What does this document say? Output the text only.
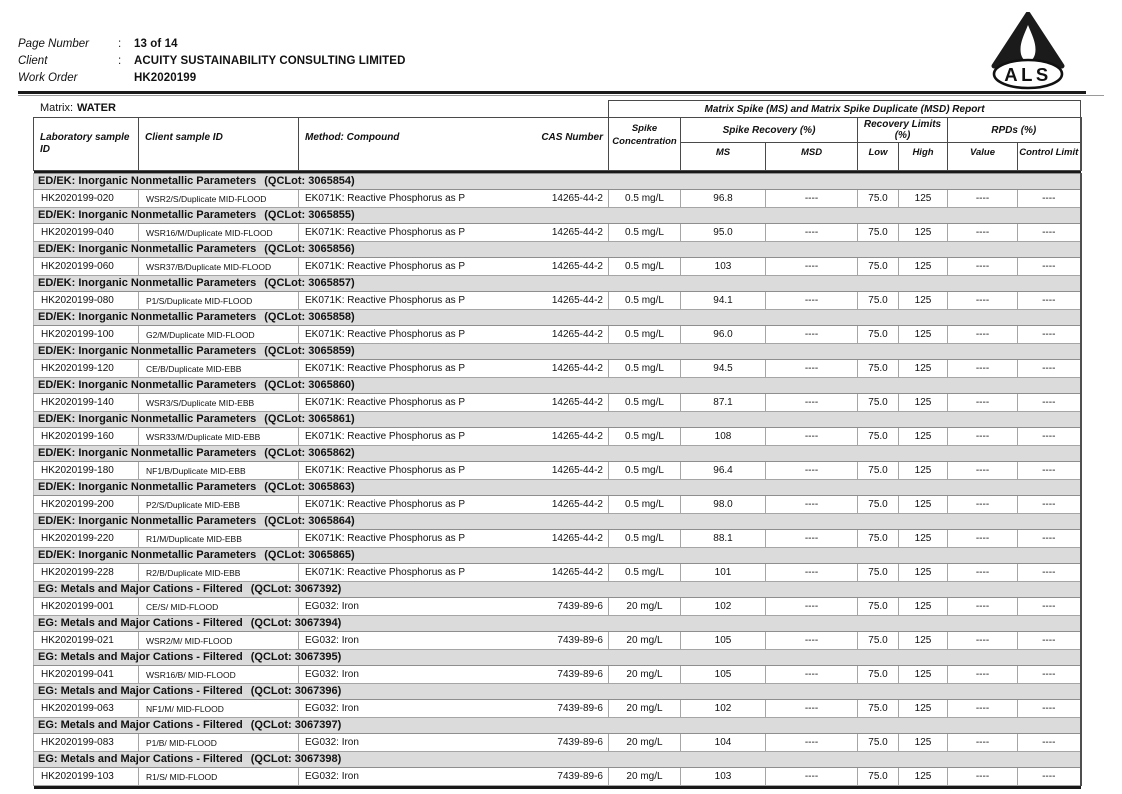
Page Number	:	13 of 14
Client	:	ACUITY SUSTAINABILITY CONSULTING LIMITED
Work Order	HK2020199	ALS
Matrix: WATER
				Matrix Spike (MS) and Matrix Spike Duplicate (MSD) Report						
Laboratory sample ID	Client sample ID	Method: Compound	CAS Number	Spike Concentration	Spike Recovery (%)		Recovery Limits (%)		RPDs (%)	
					MS	MSD	Low	High	Value	Control Limit

ED/EK: Inorganic Nonmetallic Parameters (QCLot: 3065854)										
HK2020199-020	WSR2/S/Duplicate MID-FLOOD	EK071K: Reactive Phosphorus as P	14265-44-2	0.5 mg/L	96.8	----	75.0	125	----	----
ED/EK: Inorganic Nonmetallic Parameters (QCLot: 3065855)										
HK2020199-040	WSR16/M/Duplicate MID-FLOOD	EK071K: Reactive Phosphorus as P	14265-44-2	0.5 mg/L	95.0	----	75.0	125	----	----
ED/EK: Inorganic Nonmetallic Parameters (QCLot: 3065856)										
HK2020199-060	WSR37/B/Duplicate MID-FLOOD	EK071K: Reactive Phosphorus as P	14265-44-2	0.5 mg/L	103	----	75.0	125	----	----
ED/EK: Inorganic Nonmetallic Parameters (QCLot: 3065857)										
HK2020199-080	P1/S/Duplicate MID-FLOOD	EK071K: Reactive Phosphorus as P	14265-44-2	0.5 mg/L	94.1	----	75.0	125	----	----
ED/EK: Inorganic Nonmetallic Parameters (QCLot: 3065858)										
HK2020199-100	G2/M/Duplicate MID-FLOOD	EK071K: Reactive Phosphorus as P	14265-44-2	0.5 mg/L	96.0	----	75.0	125	----	----
ED/EK: Inorganic Nonmetallic Parameters (QCLot: 3065859)										
HK2020199-120	CE/B/Duplicate MID-EBB	EK071K: Reactive Phosphorus as P	14265-44-2	0.5 mg/L	94.5	----	75.0	125	----	----
ED/EK: Inorganic Nonmetallic Parameters (QCLot: 3065860)										
HK2020199-140	WSR3/S/Duplicate MID-EBB	EK071K: Reactive Phosphorus as P	14265-44-2	0.5 mg/L	87.1	----	75.0	125	----	----
ED/EK: Inorganic Nonmetallic Parameters (QCLot: 3065861)										
HK2020199-160	WSR33/M/Duplicate MID-EBB	EK071K: Reactive Phosphorus as P	14265-44-2	0.5 mg/L	108	----	75.0	125	----	----
ED/EK: Inorganic Nonmetallic Parameters (QCLot: 3065862)										
HK2020199-180	NF1/B/Duplicate MID-EBB	EK071K: Reactive Phosphorus as P	14265-44-2	0.5 mg/L	96.4	----	75.0	125	----	----
ED/EK: Inorganic Nonmetallic Parameters (QCLot: 3065863)										
HK2020199-200	P2/S/Duplicate MID-EBB	EK071K: Reactive Phosphorus as P	14265-44-2	0.5 mg/L	98.0	----	75.0	125	----	----
ED/EK: Inorganic Nonmetallic Parameters (QCLot: 3065864)										
HK2020199-220	R1/M/Duplicate MID-EBB	EK071K: Reactive Phosphorus as P	14265-44-2	0.5 mg/L	88.1	----	75.0	125	----	----
ED/EK: Inorganic Nonmetallic Parameters (QCLot: 3065865)										
HK2020199-228	R2/B/Duplicate MID-EBB	EK071K: Reactive Phosphorus as P	14265-44-2	0.5 mg/L	101	----	75.0	125	----	----
EG: Metals and Major Cations - Filtered (QCLot: 3067392)										
HK2020199-001	CE/S/ MID-FLOOD	EG032: Iron	7439-89-6	20 mg/L	102	----	75.0	125	----	----
EG: Metals and Major Cations - Filtered (QCLot: 3067394)										
HK2020199-021	WSR2/M/ MID-FLOOD	EG032: Iron	7439-89-6	20 mg/L	105	----	75.0	125	----	----
EG: Metals and Major Cations - Filtered (QCLot: 3067395)										
HK2020199-041	WSR16/B/ MID-FLOOD	EG032: Iron	7439-89-6	20 mg/L	105	----	75.0	125	----	----
EG: Metals and Major Cations - Filtered (QCLot: 3067396)										
HK2020199-063	NF1/M/ MID-FLOOD	EG032: Iron	7439-89-6	20 mg/L	102	----	75.0	125	----	----
EG: Metals and Major Cations - Filtered (QCLot: 3067397)										
HK2020199-083	P1/B/ MID-FLOOD	EG032: Iron	7439-89-6	20 mg/L	104	----	75.0	125	----	----
EG: Metals and Major Cations - Filtered (QCLot: 3067398)										
HK2020199-103	R1/S/ MID-FLOOD	EG032: Iron	7439-89-6	20 mg/L	103	----	75.0	125	----	----
